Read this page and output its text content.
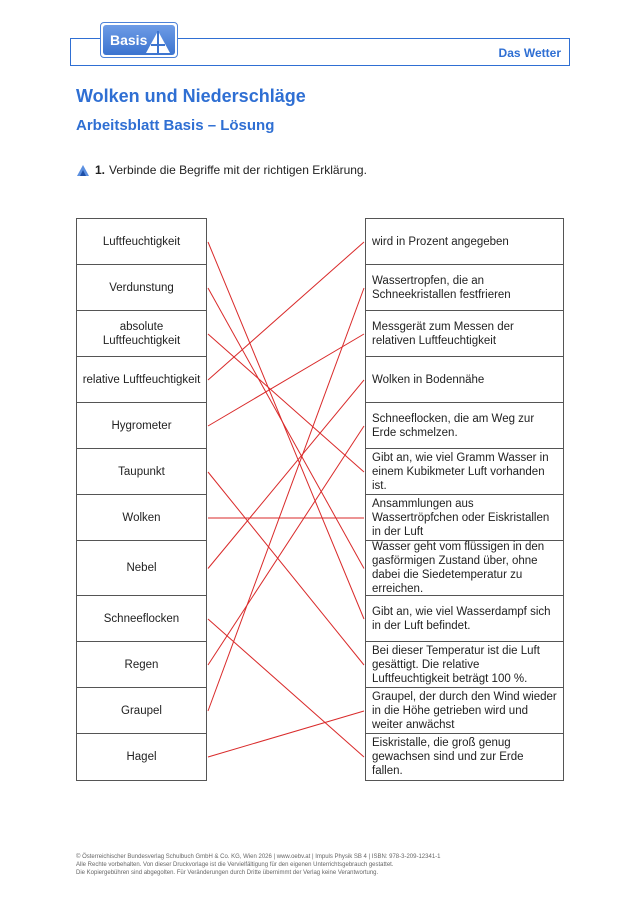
Das Wetter
Basis
Wolken und Niederschläge
Arbeitsblatt Basis – Lösung
1. Verbinde die Begriffe mit der richtigen Erklärung.
Luftfeuchtigkeit
Verdunstung
absolute Luftfeuchtigkeit
relative Luftfeuchtigkeit
Hygrometer
Taupunkt
Wolken
Nebel
Schneeflocken
Regen
Graupel
Hagel
wird in Prozent angegeben
Wassertropfen, die an Schneekristallen festfrieren
Messgerät zum Messen der relativen Luftfeuchtigkeit
Wolken in Bodennähe
Schneeflocken, die am Weg zur Erde schmelzen.
Gibt an, wie viel Gramm Wasser in einem Kubikmeter Luft vorhanden ist.
Ansammlungen aus Wassertröpfchen oder Eiskristallen in der Luft
Wasser geht vom flüssigen in den gasförmigen Zustand über, ohne dabei die Siedetemperatur zu erreichen.
Gibt an, wie viel Wasserdampf sich in der Luft befindet.
Bei dieser Temperatur ist die Luft gesättigt. Die relative Luftfeuchtigkeit beträgt 100 %.
Graupel, der durch den Wind wieder in die Höhe getrieben wird und weiter anwächst
Eiskristalle, die groß genug gewachsen sind und zur Erde fallen.
© Österreichischer Bundesverlag Schulbuch GmbH & Co. KG, Wien 2026 | www.oebv.at | Impuls Physik SB 4 | ISBN: 978-3-209-12341-1
Alle Rechte vorbehalten. Von dieser Druckvorlage ist die Vervielfältigung für den eigenen Unterrichtsgebrauch gestattet.
Die Kopiergebühren sind abgegolten. Für Veränderungen durch Dritte übernimmt der Verlag keine Verantwortung.
